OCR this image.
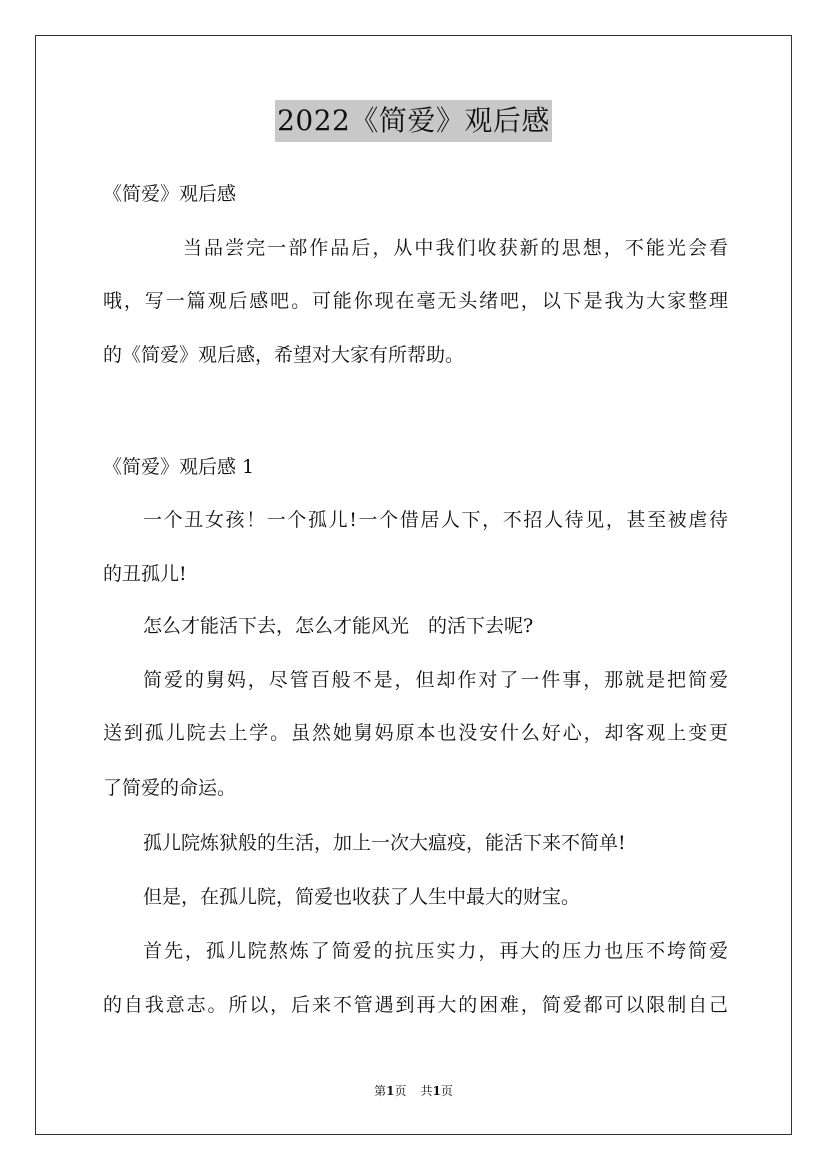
2022《简爱》观后感
《简爱》观后感
当品尝完一部作品后，从中我们收获新的思想，不能光会看
哦，写一篇观后感吧。可能你现在毫无头绪吧，以下是我为大家整理
的《简爱》观后感，希望对大家有所帮助。
《简爱》观后感 1
一个丑女孩！一个孤儿!一个借居人下，不招人待见，甚至被虐待
的丑孤儿!
怎么才能活下去，怎么才能风光　的活下去呢?
简爱的舅妈，尽管百般不是，但却作对了一件事，那就是把简爱
送到孤儿院去上学。虽然她舅妈原本也没安什么好心，却客观上变更
了简爱的命运。
孤儿院炼狱般的生活，加上一次大瘟疫，能活下来不简单!
但是，在孤儿院，简爱也收获了人生中最大的财宝。
首先，孤儿院熬炼了简爱的抗压实力，再大的压力也压不垮简爱
的自我意志。所以，后来不管遇到再大的困难，简爱都可以限制自己
第1页 共1页
